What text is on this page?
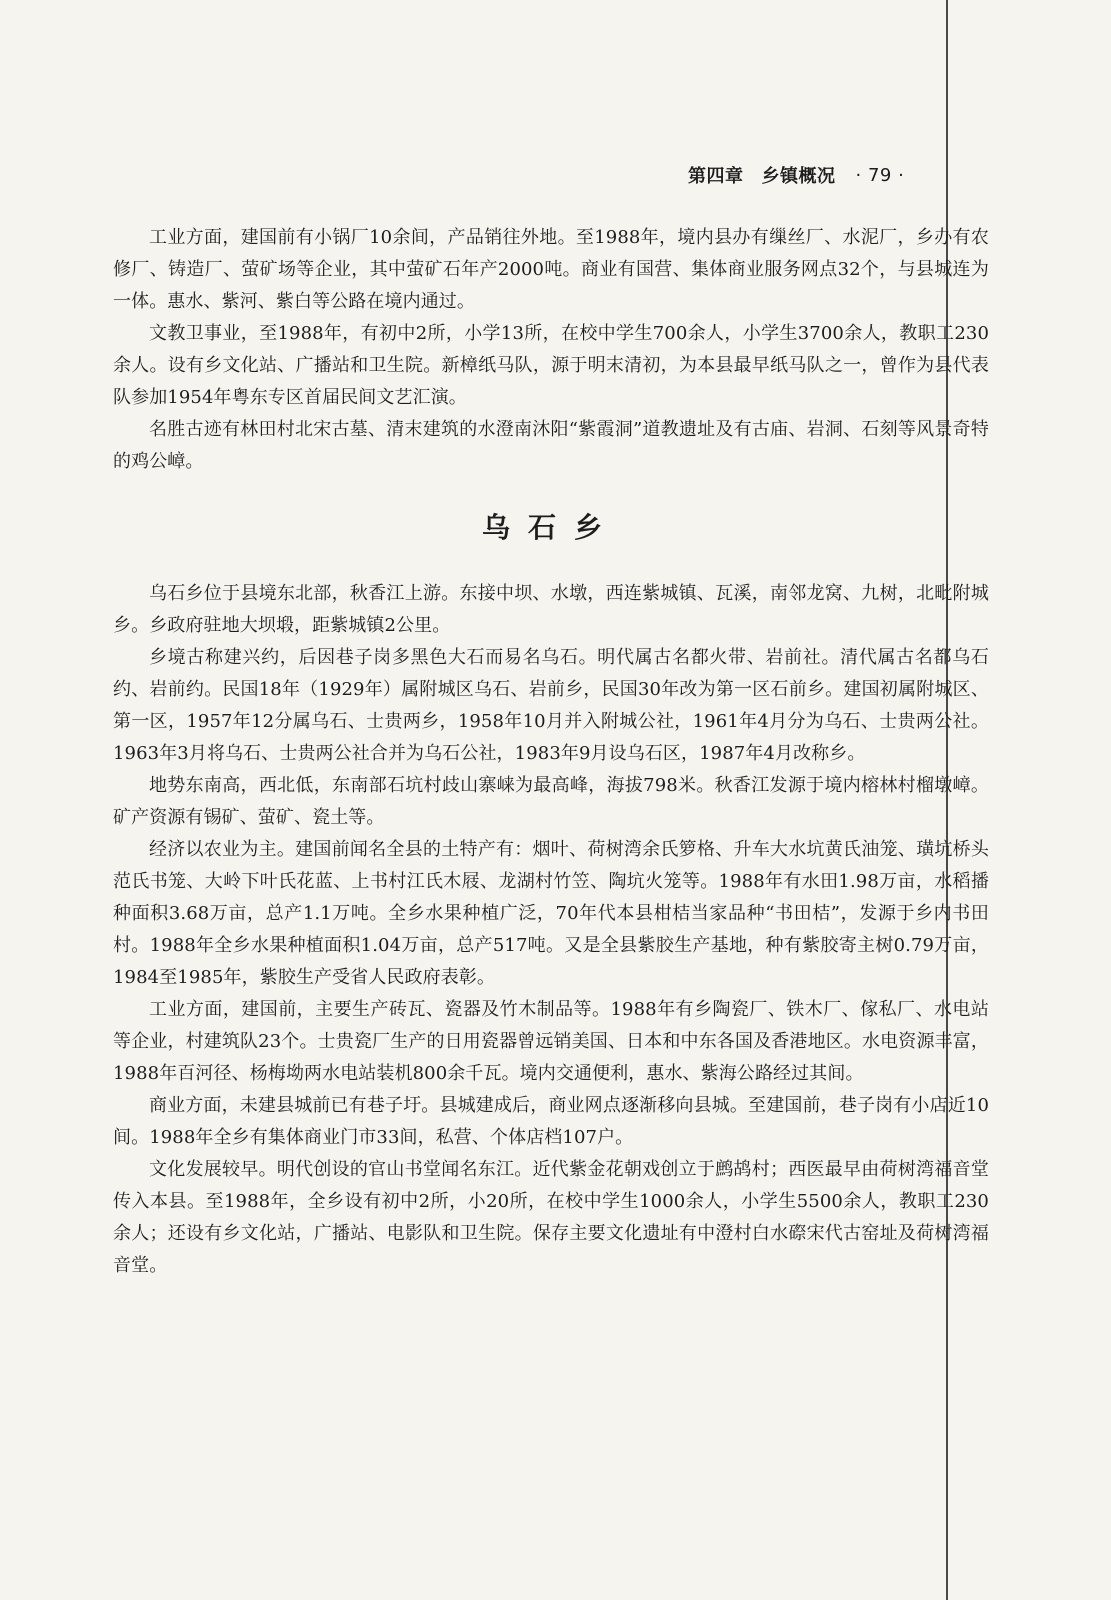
第四章 乡镇概况 · 79 ·

工业方面，建国前有小锅厂10余间，产品销往外地。至1988年，境内县办有缫丝厂、水泥厂，乡办有农修厂、铸造厂、萤矿场等企业，其中萤矿石年产2000吨。商业有国营、集体商业服务网点32个，与县城连为一体。惠水、紫河、紫白等公路在境内通过。

文教卫事业，至1988年，有初中2所，小学13所，在校中学生700余人，小学生3700余人，教职工230余人。设有乡文化站、广播站和卫生院。新樟纸马队，源于明末清初，为本县最早纸马队之一，曾作为县代表队参加1954年粤东专区首届民间文艺汇演。

名胜古迹有林田村北宋古墓、清末建筑的水澄南沐阳“紫霞洞”道教遗址及有古庙、岩洞、石刻等风景奇特的鸡公嶂。

乌石乡

乌石乡位于县境东北部，秋香江上游。东接中坝、水墩，西连紫城镇、瓦溪，南邻龙窝、九树，北毗附城乡。乡政府驻地大坝塅，距紫城镇2公里。

乡境古称建兴约，后因巷子岗多黑色大石而易名乌石。明代属古名都火带、岩前社。清代属古名都乌石约、岩前约。民国18年（1929年）属附城区乌石、岩前乡，民国30年改为第一区石前乡。建国初属附城区、第一区，1957年12分属乌石、士贵两乡，1958年10月并入附城公社，1961年4月分为乌石、士贵两公社。1963年3月将乌石、士贵两公社合并为乌石公社，1983年9月设乌石区，1987年4月改称乡。

地势东南高，西北低，东南部石坑村歧山寨崃为最高峰，海拔798米。秋香江发源于境内榕林村榴墩嶂。矿产资源有锡矿、萤矿、瓷土等。

经济以农业为主。建国前闻名全县的土特产有：烟叶、荷树湾余氏箩格、升车大水坑黄氏油笼、璜坑桥头范氏书笼、大岭下叶氏花蓝、上书村江氏木屐、龙湖村竹笠、陶坑火笼等。1988年有水田1.98万亩，水稻播种面积3.68万亩，总产1.1万吨。全乡水果种植广泛，70年代本县柑桔当家品种“书田桔”，发源于乡内书田村。1988年全乡水果种植面积1.04万亩，总产517吨。又是全县紫胶生产基地，种有紫胶寄主树0.79万亩，1984至1985年，紫胶生产受省人民政府表彰。

工业方面，建国前，主要生产砖瓦、瓷器及竹木制品等。1988年有乡陶瓷厂、铁木厂、傢私厂、水电站等企业，村建筑队23个。士贵瓷厂生产的日用瓷器曾远销美国、日本和中东各国及香港地区。水电资源丰富，1988年百河径、杨梅坳两水电站装机800余千瓦。境内交通便利，惠水、紫海公路经过其间。

商业方面，未建县城前已有巷子圩。县城建成后，商业网点逐渐移向县城。至建国前，巷子岗有小店近10间。1988年全乡有集体商业门市33间，私营、个体店档107户。

文化发展较早。明代创设的官山书堂闻名东江。近代紫金花朝戏创立于鹧鸪村；西医最早由荷树湾福音堂传入本县。至1988年，全乡设有初中2所，小20所，在校中学生1000余人，小学生5500余人，教职工230余人；还设有乡文化站，广播站、电影队和卫生院。保存主要文化遗址有中澄村白水磜宋代古窑址及荷树湾福音堂。
